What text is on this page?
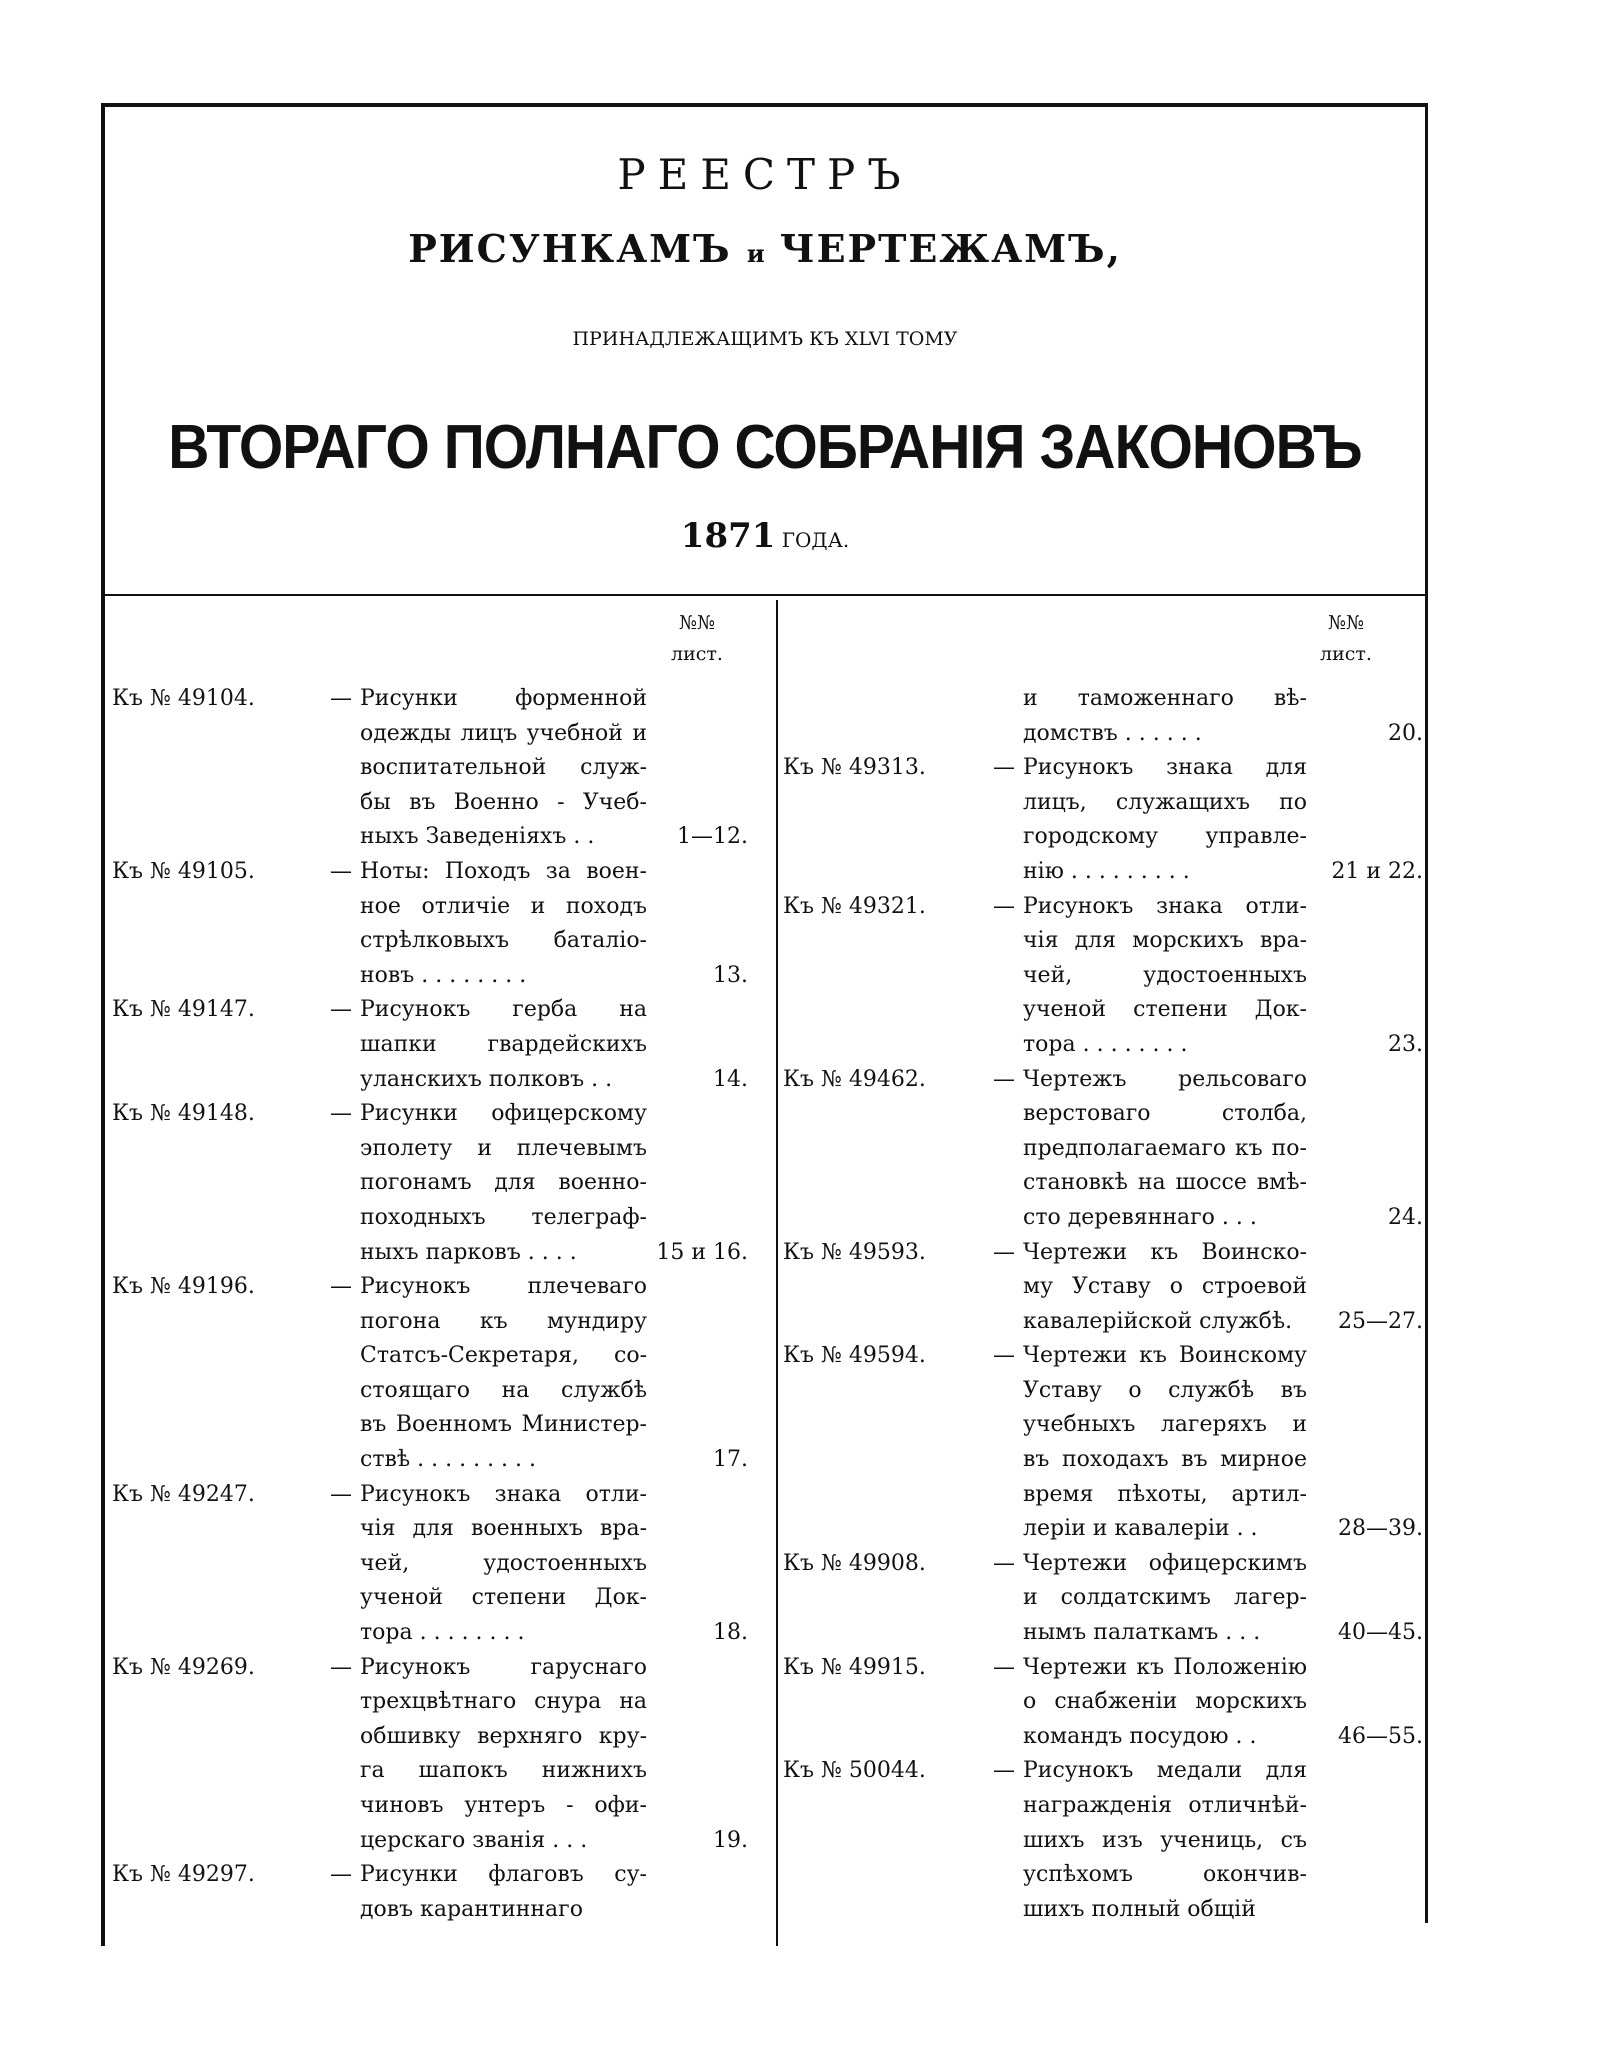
РЕЕСТРЪ
РИСУНКАМЪ и ЧЕРТЕЖАМЪ,
ПРИНАДЛЕЖАЩИМЪ КЪ XLVI ТОМУ
ВТОРАГО ПОЛНАГО СОБРАНІЯ ЗАКОНОВЪ
1871 ГОДА.
№№
лист.
Къ № 49104.	— Рисунки форменной
одежды лицъ учебной и
воспитательной служ-
бы въ Военно - Учеб-
ныхъ Заведеніяхъ . .	1—12.
Къ № 49105.	— Ноты: Походъ за воен-
ное отличіе и походъ
стрѣлковыхъ баталіо-
новъ . . . . . . . .	13.
Къ № 49147.	— Рисунокъ герба на
шапки гвардейскихъ
уланскихъ полковъ . .	14.
Къ № 49148.	— Рисунки офицерскому
эполету и плечевымъ
погонамъ для военно-
походныхъ телеграф-
ныхъ парковъ . . . .	15 и 16.
Къ № 49196.	— Рисунокъ плечеваго
погона къ мундиру
Статсъ-Секретаря, со-
стоящаго на службѣ
въ Военномъ Министер-
ствѣ . . . . . . . . .	17.
Къ № 49247.	— Рисунокъ знака отли-
чія для военныхъ вра-
чей, удостоенныхъ
ученой степени Док-
тора . . . . . . . .	18.
Къ № 49269.	— Рисунокъ гаруснаго
трехцвѣтнаго снура на
обшивку верхняго кру-
га шапокъ нижнихъ
чиновъ унтеръ - офи-
церскаго званія . . .	19.
Къ № 49297.	— Рисунки флаговъ су-
довъ карантиннаго
№№
лист.
и таможеннаго вѣ-
домствъ . . . . . .	20.
Къ № 49313.	— Рисунокъ знака для
лицъ, служащихъ по
городскому управле-
нію . . . . . . . . .	21 и 22.
Къ № 49321.	— Рисунокъ знака отли-
чія для морскихъ вра-
чей, удостоенныхъ
ученой степени Док-
тора . . . . . . . .	23.
Къ № 49462.	— Чертежъ рельсоваго
верстоваго столба,
предполагаемаго къ по-
становкѣ на шоссе вмѣ-
сто деревяннаго . . .	24.
Къ № 49593.	— Чертежи къ Воинско-
му Уставу о строевой
кавалерійской службѣ.	25—27.
Къ № 49594.	— Чертежи къ Воинскому
Уставу о службѣ въ
учебныхъ лагеряхъ и
въ походахъ въ мирное
время пѣхоты, артил-
леріи и кавалеріи . .	28—39.
Къ № 49908.	— Чертежи офицерскимъ
и солдатскимъ лагер-
нымъ палаткамъ . . .	40—45.
Къ № 49915.	— Чертежи къ Положенію
о снабженіи морскихъ
командъ посудою . .	46—55.
Къ № 50044.	— Рисунокъ медали для
награжденія отличнѣй-
шихъ изъ учениць, съ
успѣхомъ окончив-
шихъ полный общій
